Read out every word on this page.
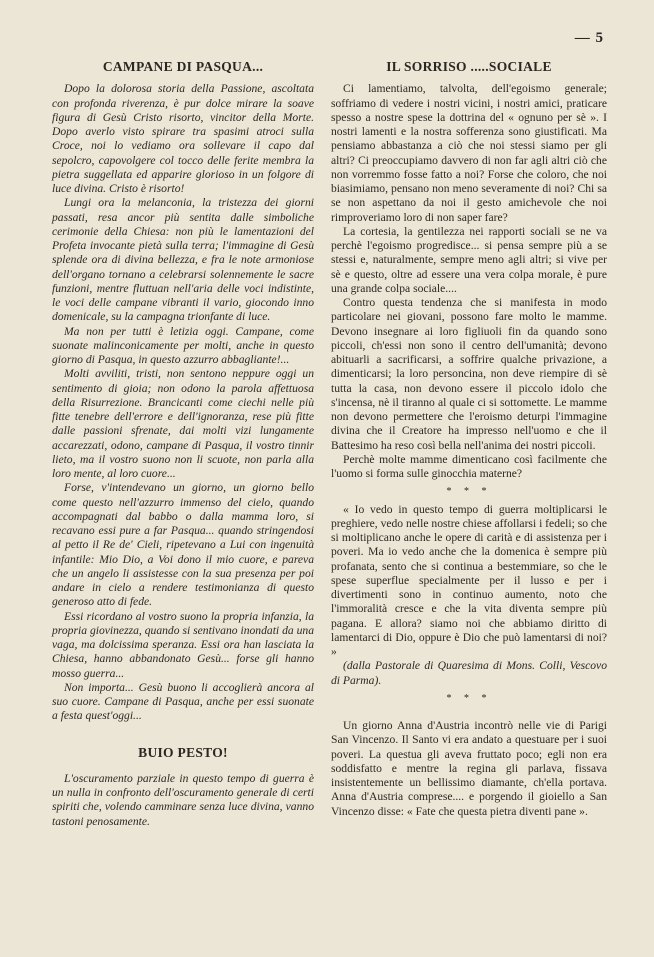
— 5
CAMPANE DI PASQUA...

Dopo la dolorosa storia della Passione, ascoltata con profonda riverenza, è pur dolce mirare la soave figura di Gesù Cristo risorto, vincitor della Morte. Dopo averlo visto spirare tra spasimi atroci sulla Croce, noi lo vediamo ora sollevare il capo dal sepolcro, capovolgere col tocco delle ferite membra la pietra suggellata ed apparire glorioso in un folgore di luce divina. Cristo è risorto!

Lungi ora la melanconia, la tristezza dei giorni passati, resa ancor più sentita dalle simboliche cerimonie della Chiesa: non più le lamentazioni del Profeta invocante pietà sulla terra; l'immagine di Gesù splende ora di divina bellezza, e fra le note armoniose dell'organo tornano a celebrarsi solennemente le sacre funzioni, mentre fluttuan nell'aria delle voci indistinte, le voci delle campane vibranti il vario, giocondo inno domenicale, su la campagna trionfante di luce.

Ma non per tutti è letizia oggi. Campane, come suonate malinconicamente per molti, anche in questo giorno di Pasqua, in questo azzurro abbagliante!...

Molti avviliti, tristi, non sentono neppure oggi un sentimento di gioia; non odono la parola affettuosa della Risurrezione. Brancicanti come ciechi nelle più fitte tenebre dell'errore e dell'ignoranza, rese più fitte dalle passioni sfrenate, dai molti vizi lungamente accarezzati, odono, campane di Pasqua, il vostro tinnir lieto, ma il vostro suono non li scuote, non parla alla loro mente, al loro cuore...

Forse, v'intendevano un giorno, un giorno bello come questo nell'azzurro immenso del cielo, quando accompagnati dal babbo o dalla mamma loro, si recavano essi pure a far Pasqua... quando stringendosi al petto il Re de' Cieli, ripetevano a Lui con ingenuità infantile: Mio Dio, a Voi dono il mio cuore, e pareva che un angelo li assistesse con la sua presenza per poi andare in cielo a rendere testimonianza di questo generoso atto di fede.

Essi ricordano al vostro suono la propria infanzia, la propria giovinezza, quando si sentivano inondati da una vaga, ma dolcissima speranza. Essi ora han lasciata la Chiesa, hanno abbandonato Gesù... forse gli hanno mosso guerra...

Non importa... Gesù buono li accoglierà ancora al suo cuore. Campane di Pasqua, anche per essi suonate a festa quest'oggi...

BUIO PESTO!

L'oscuramento parziale in questo tempo di guerra è un nulla in confronto dell'oscuramento generale di certi spiriti che, volendo camminare senza luce divina, vanno tastoni penosamente.

IL SORRISO .....SOCIALE

Ci lamentiamo, talvolta, dell'egoismo generale; soffriamo di vedere i nostri vicini, i nostri amici, praticare spesso a nostre spese la dottrina del « ognuno per sè ». I nostri lamenti e la nostra sofferenza sono giustificati. Ma pensiamo abbastanza a ciò che noi stessi siamo per gli altri? Ci preoccupiamo davvero di non far agli altri ciò che non vorremmo fosse fatto a noi? Forse che coloro, che noi biasimiamo, pensano non meno severamente di noi? Chi sa se non aspettano da noi il gesto amichevole che noi rimproveriamo loro di non saper fare?

La cortesia, la gentilezza nei rapporti sociali se ne va perchè l'egoismo progredisce... si pensa sempre più a se stessi e, naturalmente, sempre meno agli altri; si vive per sè e questo, oltre ad essere una vera colpa morale, è pure una grande colpa sociale....

Contro questa tendenza che si manifesta in modo particolare nei giovani, possono fare molto le mamme. Devono insegnare ai loro figliuoli fin da quando sono piccoli, ch'essi non sono il centro dell'umanità; devono abituarli a sacrificarsi, a soffrire qualche privazione, a dimenticarsi; la loro personcina, non deve riempire di sè tutta la casa, non devono essere il piccolo idolo che s'incensa, nè il tiranno al quale ci si sottomette. Le mamme non devono permettere che l'eroismo deturpi l'immagine divina che il Creatore ha impresso nell'uomo e che il Battesimo ha reso così bella nell'anima dei nostri piccoli.

Perchè molte mamme dimenticano così facilmente che l'uomo si forma sulle ginocchia materne?

* * *

« Io vedo in questo tempo di guerra moltiplicarsi le preghiere, vedo nelle nostre chiese affollarsi i fedeli; so che si moltiplicano anche le opere di carità e di assistenza per i poveri. Ma io vedo anche che la domenica è sempre più profanata, sento che si continua a bestemmiare, so che le spese superflue specialmente per il lusso e per i divertimenti sono in continuo aumento, noto che l'immoralità cresce e che la vita diventa sempre più pagana. E allora? siamo noi che abbiamo diritto di lamentarci di Dio, oppure è Dio che può lamentarsi di noi? »

(dalla Pastorale di Quaresima di Mons. Colli, Vescovo di Parma).

* * *

Un giorno Anna d'Austria incontrò nelle vie di Parigi San Vincenzo. Il Santo vi era andato a questuare per i suoi poveri. La questua gli aveva fruttato poco; egli non era soddisfatto e mentre la regina gli parlava, fissava insistentemente un bellissimo diamante, ch'ella portava. Anna d'Austria comprese.... e porgendo il gioiello a San Vincenzo disse: « Fate che questa pietra diventi pane ».
